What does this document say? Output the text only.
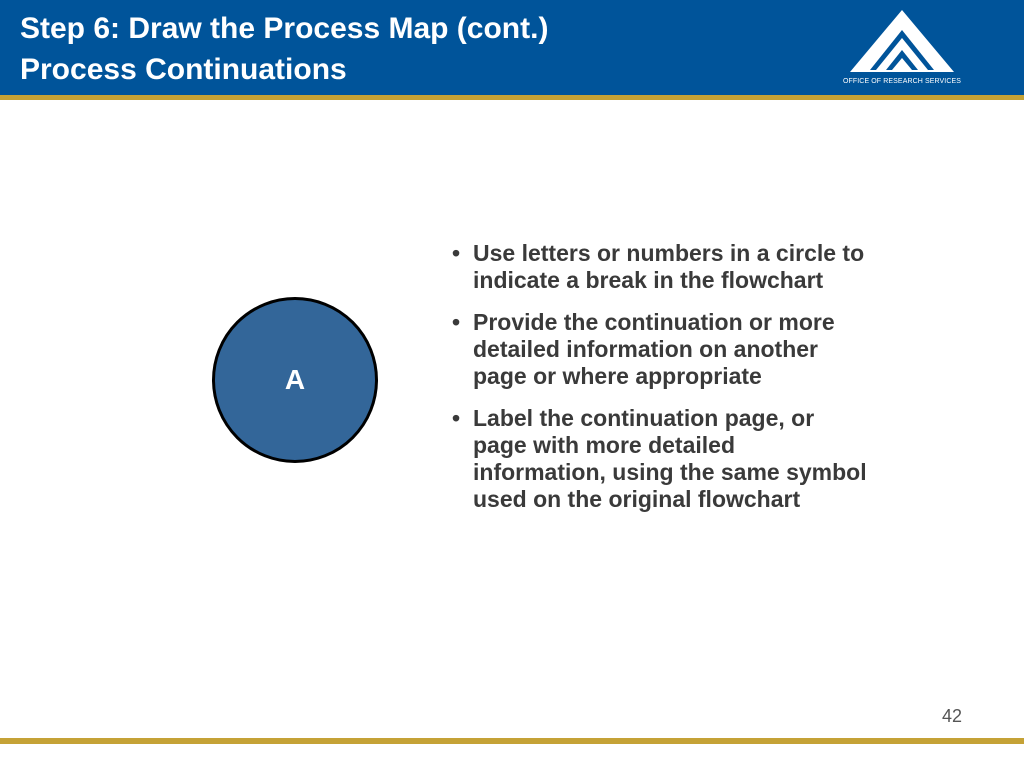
Step 6: Draw the Process Map (cont.)
Process Continuations	OFFICE OF RESEARCH SERVICES
A
• Use letters or numbers in a circle to
indicate a break in the flowchart
• Provide the continuation or more
detailed information on another
page or where appropriate
• Label the continuation page, or
page with more detailed
information, using the same symbol
used on the original flowchart
42
